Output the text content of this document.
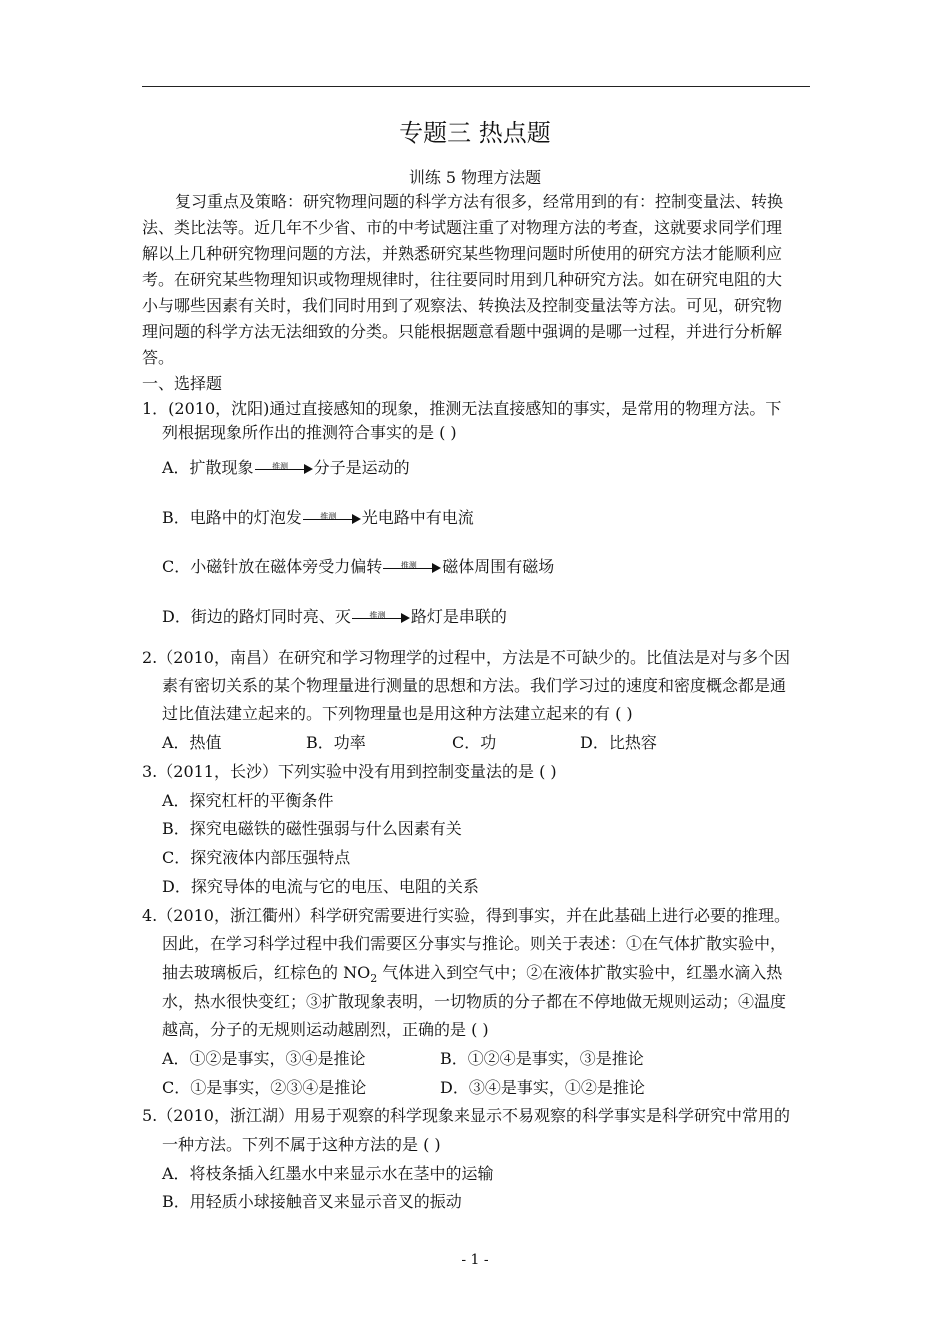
专题三 热点题
训练 5 物理方法题
复习重点及策略：研究物理问题的科学方法有很多，经常用到的有：控制变量法、转换
法、类比法等。近几年不少省、市的中考试题注重了对物理方法的考查，这就要求同学们理
解以上几种研究物理问题的方法，并熟悉研究某些物理问题时所使用的研究方法才能顺利应
考。在研究某些物理知识或物理规律时，往往要同时用到几种研究方法。如在研究电阻的大
小与哪些因素有关时，我们同时用到了观察法、转换法及控制变量法等方法。可见，研究物
理问题的科学方法无法细致的分类。只能根据题意看题中强调的是哪一过程，并进行分析解
答。
一、选择题
1．(2010，沈阳)通过直接感知的现象，推测无法直接感知的事实，是常用的物理方法。下
列根据现象所作出的推测符合事实的是 ( )
A．扩散现象	推测	分子是运动的
B．电路中的灯泡发	推测	光电路中有电流
C．小磁针放在磁体旁受力偏转	推测	磁体周围有磁场
D．街边的路灯同时亮、灭	推测	路灯是串联的
2.（2010，南昌）在研究和学习物理学的过程中，方法是不可缺少的。比值法是对与多个因
素有密切关系的某个物理量进行测量的思想和方法。我们学习过的速度和密度概念都是通
过比值法建立起来的。下列物理量也是用这种方法建立起来的有 ( )
A．热值	B．功率	C．功	D．比热容
3.（2011，长沙）下列实验中没有用到控制变量法的是 ( )
A．探究杠杆的平衡条件
B．探究电磁铁的磁性强弱与什么因素有关
C．探究液体内部压强特点
D．探究导体的电流与它的电压、电阻的关系
4.（2010，浙江衢州）科学研究需要进行实验，得到事实，并在此基础上进行必要的推理。
因此，在学习科学过程中我们需要区分事实与推论。则关于表述：①在气体扩散实验中，
抽去玻璃板后，红棕色的 $NO_2$ 气体进入到空气中；②在液体扩散实验中，红墨水滴入热
水，热水很快变红；③扩散现象表明，一切物质的分子都在不停地做无规则运动；④温度
越高，分子的无规则运动越剧烈，正确的是 ( )
A．①②是事实，③④是推论	B．①②④是事实，③是推论
C．①是事实，②③④是推论	D．③④是事实，①②是推论
5.（2010，浙江湖）用易于观察的科学现象来显示不易观察的科学事实是科学研究中常用的
一种方法。下列不属于这种方法的是 ( )
A．将枝条插入红墨水中来显示水在茎中的运输
B．用轻质小球接触音叉来显示音叉的振动
- 1 -
